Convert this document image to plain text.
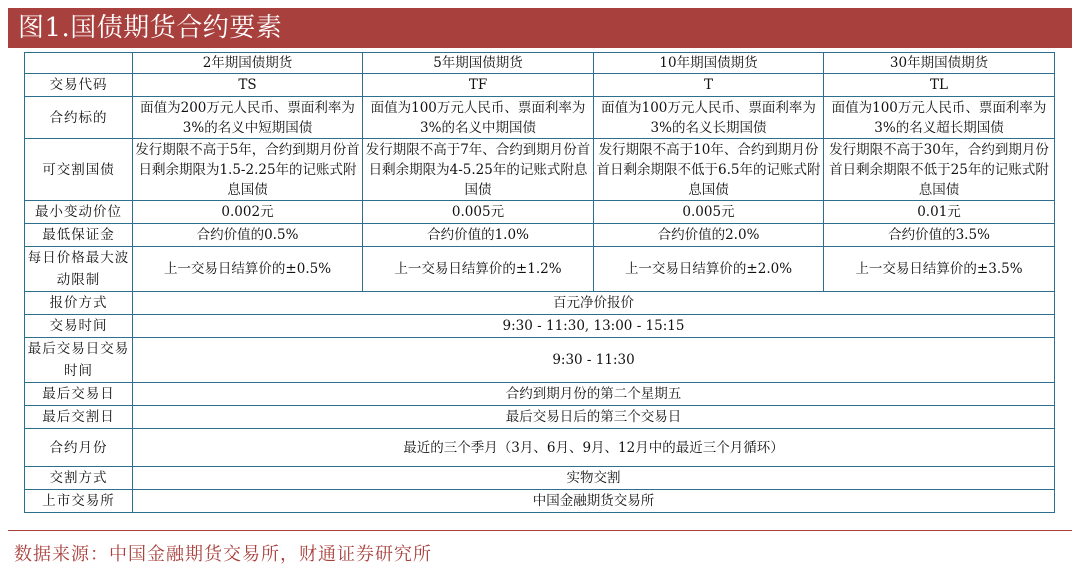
图1.国债期货合约要素
	2年期国债期货	5年期国债期货	10年期国债期货	30年期国债期货
交易代码	TS	TF	T	TL
合约标的	面值为200万元人民币、票面利率为3%的名义中短期国债	面值为100万元人民币、票面利率为3%的名义中期国债	面值为100万元人民币、票面利率为3%的名义长期国债	面值为100万元人民币、票面利率为3%的名义超长期国债
可交割国债	发行期限不高于5年，合约到期月份首日剩余期限为1.5-2.25年的记账式附息国债	发行期限不高于7年、合约到期月份首日剩余期限为4-5.25年的记账式附息国债	发行期限不高于10年、合约到期月份首日剩余期限不低于6.5年的记账式附息国债	发行期限不高于30年，合约到期月份首日剩余期限不低于25年的记账式附息国债
最小变动价位	0.002元	0.005元	0.005元	0.01元
最低保证金	合约价值的0.5%	合约价值的1.0%	合约价值的2.0%	合约价值的3.5%
每日价格最大波动限制	上一交易日结算价的±0.5%	上一交易日结算价的±1.2%	上一交易日结算价的±2.0%	上一交易日结算价的±3.5%
报价方式	百元净价报价			
交易时间	9:30 - 11:30, 13:00 - 15:15			
最后交易日交易时间	9:30 - 11:30			
最后交易日	合约到期月份的第二个星期五			
最后交割日	最后交易日后的第三个交易日			
合约月份	最近的三个季月（3月、6月、9月、12月中的最近三个月循环）			
交割方式	实物交割			
上市交易所	中国金融期货交易所			
数据来源：中国金融期货交易所，财通证券研究所
